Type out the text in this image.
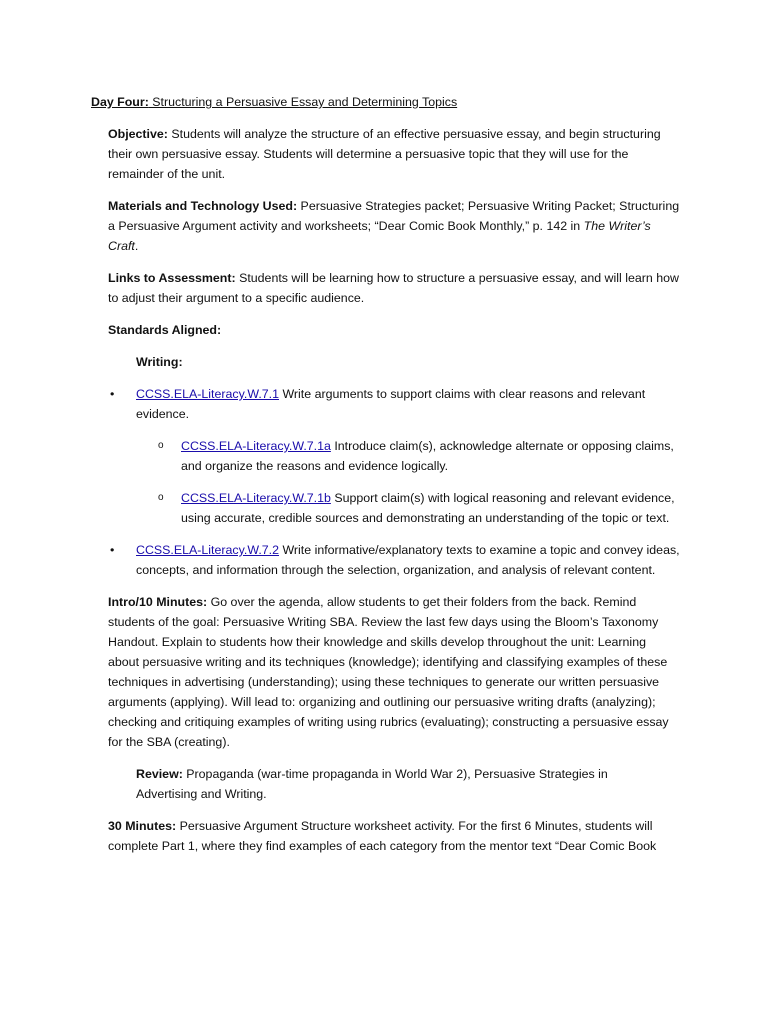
Day Four: Structuring a Persuasive Essay and Determining Topics
Objective: Students will analyze the structure of an effective persuasive essay, and begin structuring their own persuasive essay. Students will determine a persuasive topic that they will use for the remainder of the unit.
Materials and Technology Used: Persuasive Strategies packet; Persuasive Writing Packet; Structuring a Persuasive Argument activity and worksheets; “Dear Comic Book Monthly,” p. 142 in The Writer’s Craft.
Links to Assessment: Students will be learning how to structure a persuasive essay, and will learn how to adjust their argument to a specific audience.
Standards Aligned:
Writing:
• CCSS.ELA-Literacy.W.7.1 Write arguments to support claims with clear reasons and relevant evidence.
o CCSS.ELA-Literacy.W.7.1a Introduce claim(s), acknowledge alternate or opposing claims, and organize the reasons and evidence logically.
o CCSS.ELA-Literacy.W.7.1b Support claim(s) with logical reasoning and relevant evidence, using accurate, credible sources and demonstrating an understanding of the topic or text.
• CCSS.ELA-Literacy.W.7.2 Write informative/explanatory texts to examine a topic and convey ideas, concepts, and information through the selection, organization, and analysis of relevant content.
Intro/10 Minutes: Go over the agenda, allow students to get their folders from the back. Remind students of the goal: Persuasive Writing SBA. Review the last few days using the Bloom’s Taxonomy Handout. Explain to students how their knowledge and skills develop throughout the unit: Learning about persuasive writing and its techniques (knowledge); identifying and classifying examples of these techniques in advertising (understanding); using these techniques to generate our written persuasive arguments (applying). Will lead to: organizing and outlining our persuasive writing drafts (analyzing); checking and critiquing examples of writing using rubrics (evaluating); constructing a persuasive essay for the SBA (creating).
Review: Propaganda (war-time propaganda in World War 2), Persuasive Strategies in Advertising and Writing.
30 Minutes: Persuasive Argument Structure worksheet activity. For the first 6 Minutes, students will complete Part 1, where they find examples of each category from the mentor text “Dear Comic Book
